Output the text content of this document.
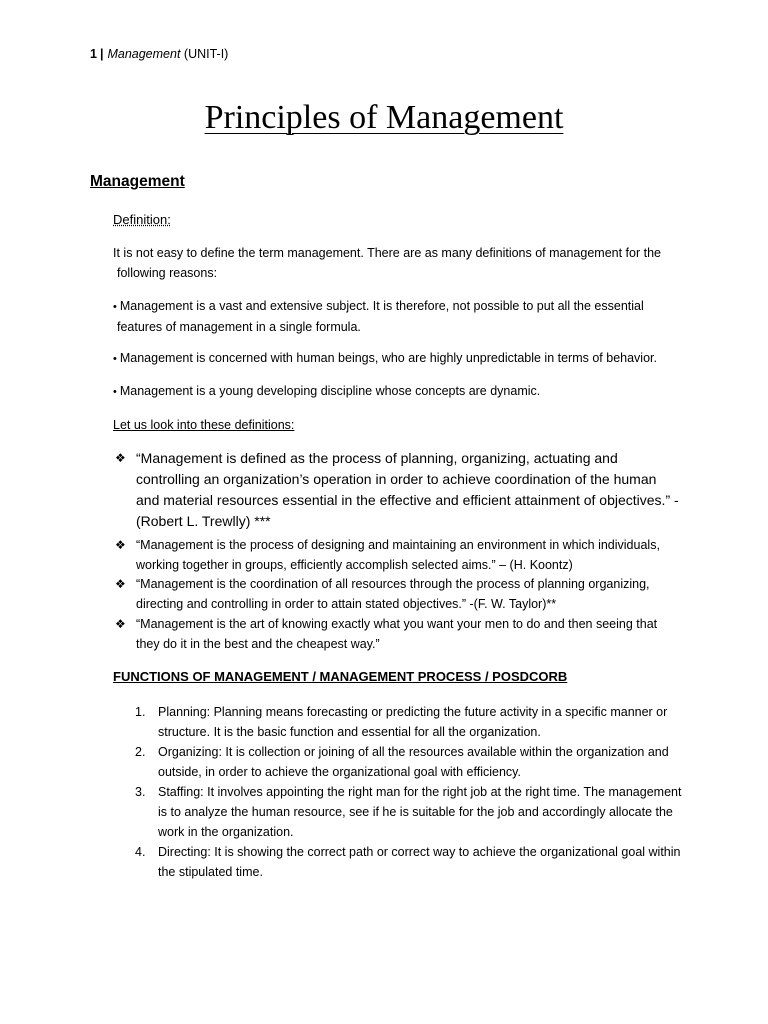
1 | Management (UNIT-I)
Principles of Management
Management
Definition:
It is not easy to define the term management. There are as many definitions of management for the
following reasons:
• Management is a vast and extensive subject. It is therefore, not possible to put all the essential
features of management in a single formula.
• Management is concerned with human beings, who are highly unpredictable in terms of behavior.
• Management is a young developing discipline whose concepts are dynamic.
Let us look into these definitions:
❖ “Management is defined as the process of planning, organizing, actuating and controlling an organization’s operation in order to achieve coordination of the human and material resources essential in the effective and efficient attainment of objectives.” - (Robert L. Trewlly) ***
❖ “Management is the process of designing and maintaining an environment in which individuals, working together in groups, efficiently accomplish selected aims.” – (H. Koontz)
❖ “Management is the coordination of all resources through the process of planning organizing, directing and controlling in order to attain stated objectives.” -(F. W. Taylor)**
❖ “Management is the art of knowing exactly what you want your men to do and then seeing that they do it in the best and the cheapest way.”
FUNCTIONS OF MANAGEMENT / MANAGEMENT PROCESS / POSDCORB
1. Planning: Planning means forecasting or predicting the future activity in a specific manner or structure. It is the basic function and essential for all the organization.
2. Organizing: It is collection or joining of all the resources available within the organization and outside, in order to achieve the organizational goal with efficiency.
3. Staffing: It involves appointing the right man for the right job at the right time. The management is to analyze the human resource, see if he is suitable for the job and accordingly allocate the work in the organization.
4. Directing: It is showing the correct path or correct way to achieve the organizational goal within the stipulated time.
